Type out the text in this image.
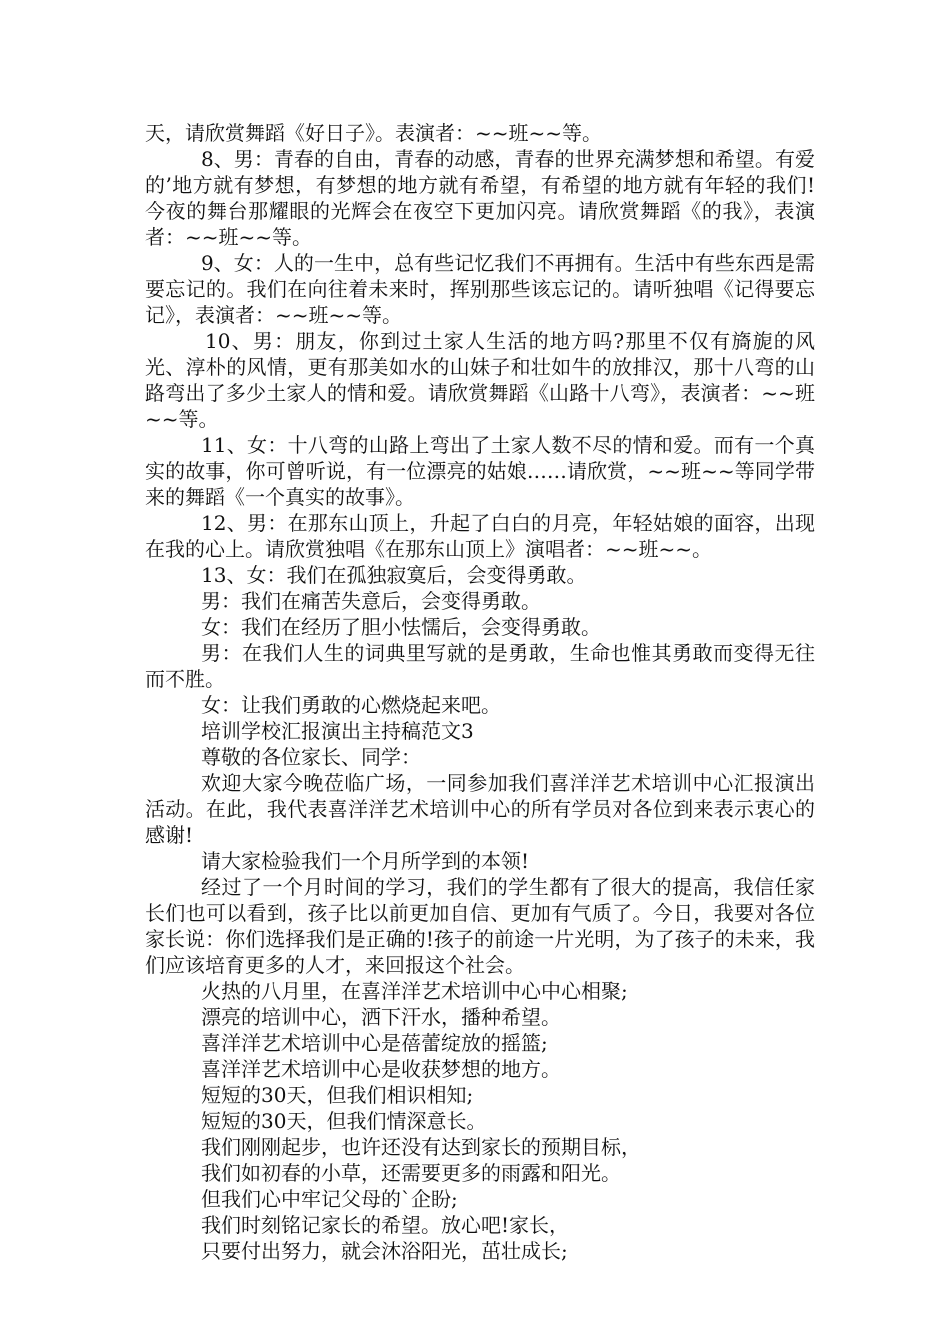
天，请欣赏舞蹈《好日子》。表演者：~~班~~等。

8、男：青春的自由，青春的动感，青春的世界充满梦想和希望。有爱的’地方就有梦想，有梦想的地方就有希望，有希望的地方就有年轻的我们!今夜的舞台那耀眼的光辉会在夜空下更加闪亮。请欣赏舞蹈《的我》，表演者：~~班~~等。

9、女：人的一生中，总有些记忆我们不再拥有。生活中有些东西是需要忘记的。我们在向往着未来时，挥别那些该忘记的。请听独唱《记得要忘记》，表演者：~~班~~等。

10、男：朋友，你到过土家人生活的地方吗?那里不仅有旖旎的风光、淳朴的风情，更有那美如水的山妹子和壮如牛的放排汉，那十八弯的山路弯出了多少土家人的情和爱。请欣赏舞蹈《山路十八弯》，表演者：~~班~~等。

11、女：十八弯的山路上弯出了土家人数不尽的情和爱。而有一个真实的故事，你可曾听说，有一位漂亮的姑娘……请欣赏，~~班~~等同学带来的舞蹈《一个真实的故事》。

12、男：在那东山顶上，升起了白白的月亮，年轻姑娘的面容，出现在我的心上。请欣赏独唱《在那东山顶上》演唱者：~~班~~。

13、女：我们在孤独寂寞后，会变得勇敢。

男：我们在痛苦失意后，会变得勇敢。

女：我们在经历了胆小怯懦后，会变得勇敢。

男：在我们人生的词典里写就的是勇敢，生命也惟其勇敢而变得无往而不胜。

女：让我们勇敢的心燃烧起来吧。

培训学校汇报演出主持稿范文3

尊敬的各位家长、同学：

欢迎大家今晚莅临广场，一同参加我们喜洋洋艺术培训中心汇报演出活动。在此，我代表喜洋洋艺术培训中心的所有学员对各位到来表示衷心的感谢!

请大家检验我们一个月所学到的本领!

经过了一个月时间的学习，我们的学生都有了很大的提高，我信任家长们也可以看到，孩子比以前更加自信、更加有气质了。今日，我要对各位家长说：你们选择我们是正确的!孩子的前途一片光明，为了孩子的未来，我们应该培育更多的人才，来回报这个社会。

火热的八月里，在喜洋洋艺术培训中心中心相聚;

漂亮的培训中心，洒下汗水，播种希望。

喜洋洋艺术培训中心是蓓蕾绽放的摇篮;

喜洋洋艺术培训中心是收获梦想的地方。

短短的30天，但我们相识相知;

短短的30天，但我们情深意长。

我们刚刚起步，也许还没有达到家长的预期目标，

我们如初春的小草，还需要更多的雨露和阳光。

但我们心中牢记父母的`企盼;

我们时刻铭记家长的希望。放心吧!家长，

只要付出努力，就会沐浴阳光，茁壮成长;
